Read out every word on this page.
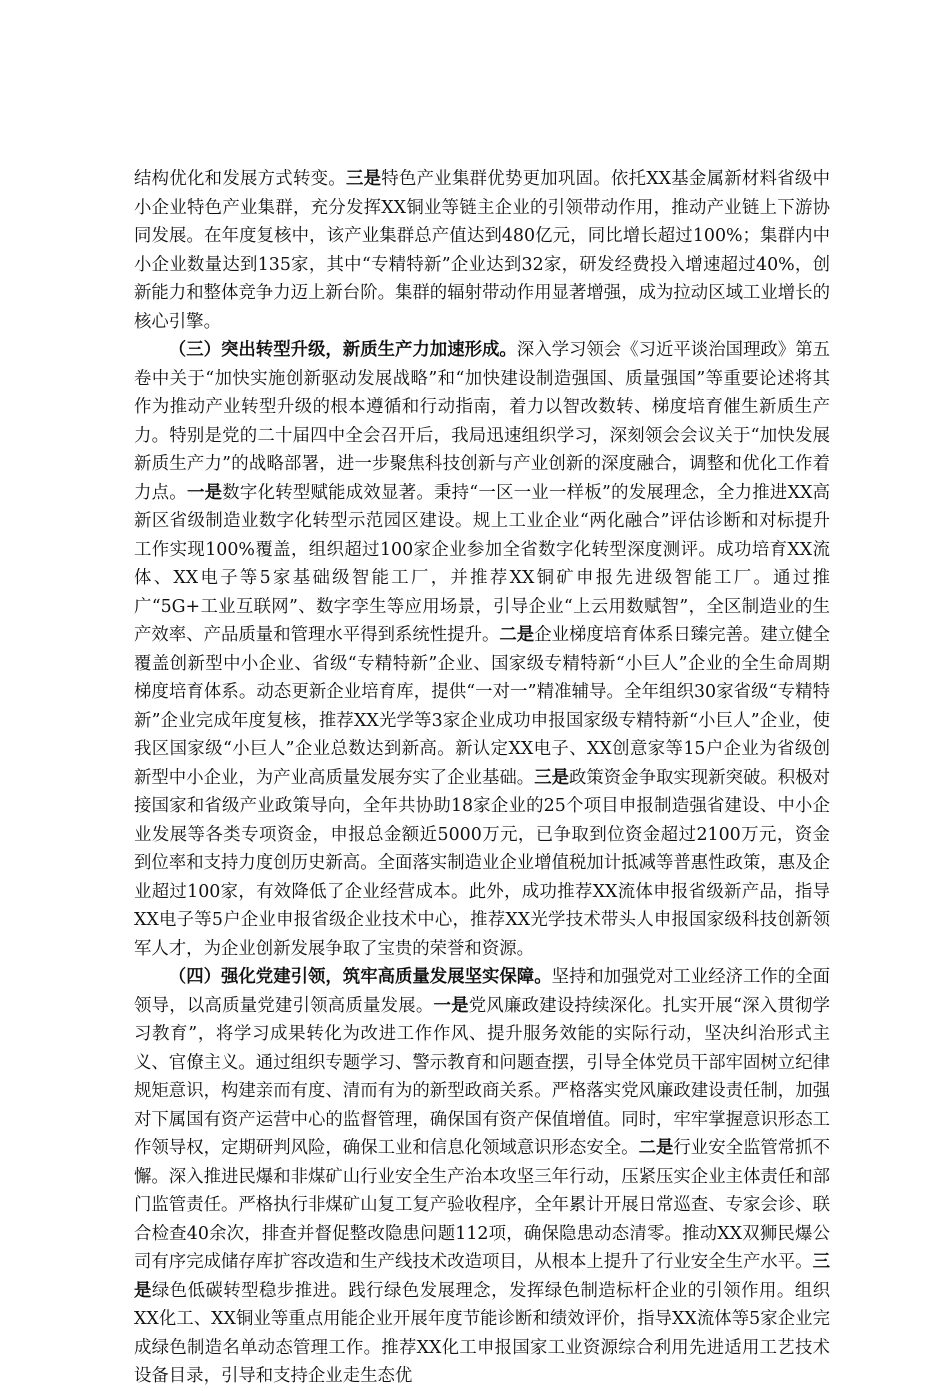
结构优化和发展方式转变。三是特色产业集群优势更加巩固。依托XX基金属新材料省级中小企业特色产业集群，充分发挥XX铜业等链主企业的引领带动作用，推动产业链上下游协同发展。在年度复核中，该产业集群总产值达到480亿元，同比增长超过100%；集群内中小企业数量达到135家，其中“专精特新”企业达到32家，研发经费投入增速超过40%，创新能力和整体竞争力迈上新台阶。集群的辐射带动作用显著增强，成为拉动区域工业增长的核心引擎。

（三）突出转型升级，新质生产力加速形成。深入学习领会《习近平谈治国理政》第五卷中关于“加快实施创新驱动发展战略”和“加快建设制造强国、质量强国”等重要论述将其作为推动产业转型升级的根本遵循和行动指南，着力以智改数转、梯度培育催生新质生产力。特别是党的二十届四中全会召开后，我局迅速组织学习，深刻领会会议关于“加快发展新质生产力”的战略部署，进一步聚焦科技创新与产业创新的深度融合，调整和优化工作着力点。一是数字化转型赋能成效显著。秉持“一区一业一样板”的发展理念，全力推进XX高新区省级制造业数字化转型示范园区建设。规上工业企业“两化融合”评估诊断和对标提升工作实现100%覆盖，组织超过100家企业参加全省数字化转型深度测评。成功培育XX流体、XX电子等5家基础级智能工厂，并推荐XX铜矿申报先进级智能工厂。通过推广“5G+工业互联网”、数字孪生等应用场景，引导企业“上云用数赋智”，全区制造业的生产效率、产品质量和管理水平得到系统性提升。二是企业梯度培育体系日臻完善。建立健全覆盖创新型中小企业、省级“专精特新”企业、国家级专精特新“小巨人”企业的全生命周期梯度培育体系。动态更新企业培育库，提供“一对一”精准辅导。全年组织30家省级“专精特新”企业完成年度复核，推荐XX光学等3家企业成功申报国家级专精特新“小巨人”企业，使我区国家级“小巨人”企业总数达到新高。新认定XX电子、XX创意家等15户企业为省级创新型中小企业，为产业高质量发展夯实了企业基础。三是政策资金争取实现新突破。积极对接国家和省级产业政策导向，全年共协助18家企业的25个项目申报制造强省建设、中小企业发展等各类专项资金，申报总金额近5000万元，已争取到位资金超过2100万元，资金到位率和支持力度创历史新高。全面落实制造业企业增值税加计抵减等普惠性政策，惠及企业超过100家，有效降低了企业经营成本。此外，成功推荐XX流体申报省级新产品，指导XX电子等5户企业申报省级企业技术中心，推荐XX光学技术带头人申报国家级科技创新领军人才，为企业创新发展争取了宝贵的荣誉和资源。

（四）强化党建引领，筑牢高质量发展坚实保障。坚持和加强党对工业经济工作的全面领导，以高质量党建引领高质量发展。一是党风廉政建设持续深化。扎实开展“深入贯彻学习教育”，将学习成果转化为改进工作作风、提升服务效能的实际行动，坚决纠治形式主义、官僚主义。通过组织专题学习、警示教育和问题查摆，引导全体党员干部牢固树立纪律规矩意识，构建亲而有度、清而有为的新型政商关系。严格落实党风廉政建设责任制，加强对下属国有资产运营中心的监督管理，确保国有资产保值增值。同时，牢牢掌握意识形态工作领导权，定期研判风险，确保工业和信息化领域意识形态安全。二是行业安全监管常抓不懈。深入推进民爆和非煤矿山行业安全生产治本攻坚三年行动，压紧压实企业主体责任和部门监管责任。严格执行非煤矿山复工复产验收程序，全年累计开展日常巡查、专家会诊、联合检查40余次，排查并督促整改隐患问题112项，确保隐患动态清零。推动XX双狮民爆公司有序完成储存库扩容改造和生产线技术改造项目，从根本上提升了行业安全生产水平。三是绿色低碳转型稳步推进。践行绿色发展理念，发挥绿色制造标杆企业的引领作用。组织XX化工、XX铜业等重点用能企业开展年度节能诊断和绩效评价，指导XX流体等5家企业完成绿色制造名单动态管理工作。推荐XX化工申报国家工业资源综合利用先进适用工艺技术设备目录，引导和支持企业走生态优
